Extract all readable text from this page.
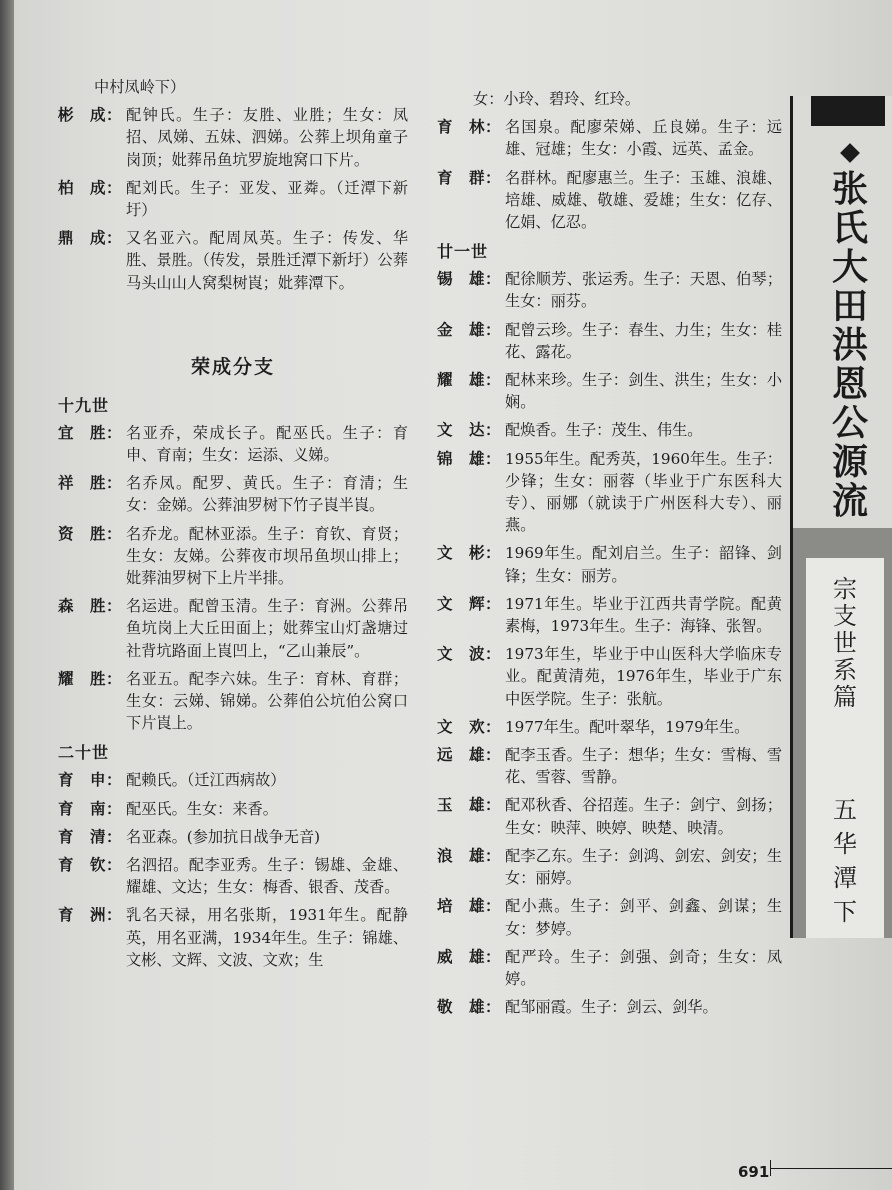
中村凤岭下）
彬　成： 配钟氏。生子：友胜、业胜；生女：凤招、凤娣、五妹、泗娣。公葬上坝角童子岗顶；妣葬吊鱼坑罗旋地窝口下片。
柏　成： 配刘氏。生子：亚发、亚粦。（迁潭下新圩）
鼎　成： 又名亚六。配周凤英。生子：传发、华胜、景胜。（传发，景胜迁潭下新圩）公葬马头山山人窝梨树崀；妣葬潭下。
荣成分支
十九世
宜　胜： 名亚乔，荣成长子。配巫氏。生子：育申、育南；生女：运添、义娣。
祥　胜： 名乔凤。配罗、黄氏。生子：育清；生女：金娣。公葬油罗树下竹子崀半崀。
资　胜： 名乔龙。配林亚添。生子：育钦、育贤；生女：友娣。公葬夜市坝吊鱼坝山排上；妣葬油罗树下上片半排。
森　胜： 名运进。配曾玉清。生子：育洲。公葬吊鱼坑岗上大丘田面上；妣葬宝山灯盏塘过社背坑路面上崀凹上，“乙山兼辰”。
耀　胜： 名亚五。配李六妹。生子：育林、育群；生女：云娣、锦娣。公葬伯公坑伯公窝口下片崀上。
二十世
育　申： 配赖氏。（迁江西病故）
育　南： 配巫氏。生女：来香。
育　清： 名亚森。(参加抗日战争无音)
育　钦： 名泗招。配李亚秀。生子：锡雄、金雄、耀雄、文达；生女：梅香、银香、茂香。
育　洲： 乳名天禄，用名张斯，1931年生。配静英，用名亚满，1934年生。生子：锦雄、文彬、文辉、文波、文欢；生
女：小玲、碧玲、红玲。
育　林： 名国泉。配廖荣娣、丘良娣。生子：远雄、冠雄；生女：小霞、远英、孟金。
育　群： 名群林。配廖惠兰。生子：玉雄、浪雄、培雄、威雄、敬雄、爱雄；生女：亿存、亿娟、亿忍。
廿一世
锡　雄： 配徐顺芳、张运秀。生子：天恩、伯琴；生女：丽芬。
金　雄： 配曾云珍。生子：春生、力生；生女：桂花、露花。
耀　雄： 配林来珍。生子：剑生、洪生；生女：小娴。
文　达： 配焕香。生子：茂生、伟生。
锦　雄： 1955年生。配秀英，1960年生。生子：少锋；生女：丽蓉（毕业于广东医科大专）、丽娜（就读于广州医科大专）、丽燕。
文　彬： 1969年生。配刘启兰。生子：韶锋、剑锋；生女：丽芳。
文　辉： 1971年生。毕业于江西共青学院。配黄素梅，1973年生。生子：海锋、张智。
文　波： 1973年生，毕业于中山医科大学临床专业。配黄清苑，1976年生，毕业于广东中医学院。生子：张航。
文　欢： 1977年生。配叶翠华，1979年生。
远　雄： 配李玉香。生子：想华；生女：雪梅、雪花、雪蓉、雪静。
玉　雄： 配邓秋香、谷招莲。生子：剑宁、剑扬；生女：映萍、映婷、映楚、映清。
浪　雄： 配李乙东。生子：剑鸿、剑宏、剑安；生女：丽婷。
培　雄： 配小燕。生子：剑平、剑鑫、剑谋；生女：梦婷。
威　雄： 配严玲。生子：剑强、剑奇；生女：凤婷。
敬　雄： 配邹丽霞。生子：剑云、剑华。
张
氏
大
田
洪
恩
公
源
流
宗
支
世
系
篇
五
华
潭
下
691
